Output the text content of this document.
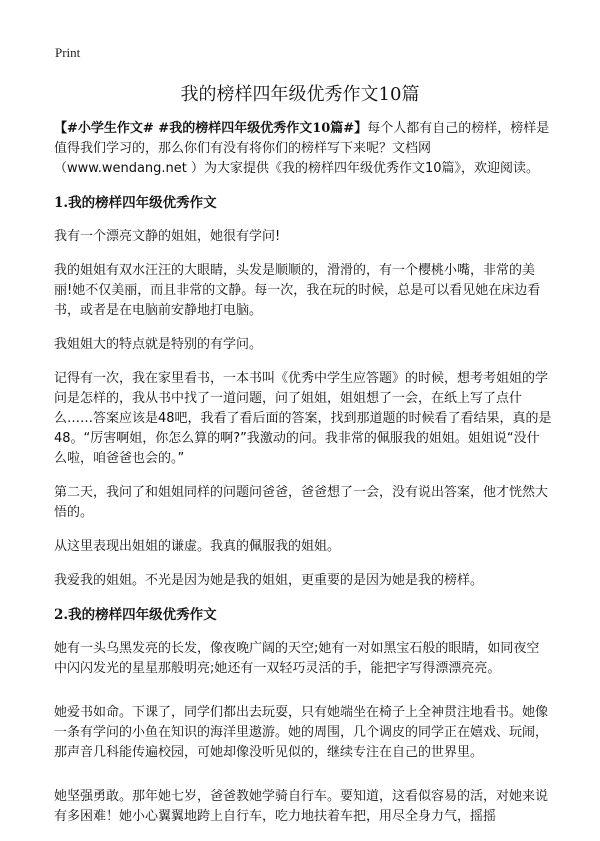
Print
我的榜样四年级优秀作文10篇

【#小学生作文# #我的榜样四年级优秀作文10篇#】每个人都有自己的榜样，榜样是值得我们学习的，那么你们有没有将你们的榜样写下来呢？文档网（www.wendang.net ）为大家提供《我的榜样四年级优秀作文10篇》，欢迎阅读。

1.我的榜样四年级优秀作文

我有一个漂亮文静的姐姐，她很有学问!

我的姐姐有双水汪汪的大眼睛，头发是顺顺的，滑滑的，有一个樱桃小嘴，非常的美丽!她不仅美丽，而且非常的文静。每一次，我在玩的时候，总是可以看见她在床边看书，或者是在电脑前安静地打电脑。

我姐姐大的特点就是特别的有学问。

记得有一次，我在家里看书，一本书叫《优秀中学生应答题》的时候，想考考姐姐的学问是怎样的，我从书中找了一道问题，问了姐姐，姐姐想了一会，在纸上写了点什么……答案应该是48吧，我看了看后面的答案，找到那道题的时候看了看结果，真的是48。“厉害啊姐，你怎么算的啊?”我激动的问。我非常的佩服我的姐姐。姐姐说“没什么啦，咱爸爸也会的。”

第二天，我问了和姐姐同样的问题问爸爸，爸爸想了一会，没有说出答案，他才恍然大悟的。

从这里表现出姐姐的谦虚。我真的佩服我的姐姐。

我爱我的姐姐。不光是因为她是我的姐姐，更重要的是因为她是我的榜样。

2.我的榜样四年级优秀作文

她有一头乌黑发亮的长发，像夜晚广阔的天空;她有一对如黑宝石般的眼睛，如同夜空中闪闪发光的星星那般明亮;她还有一双轻巧灵活的手，能把字写得漂漂亮亮。

她爱书如命。下课了，同学们都出去玩耍，只有她端坐在椅子上全神贯注地看书。她像一条有学问的小鱼在知识的海洋里遨游。她的周围，几个调皮的同学正在嬉戏、玩闹，那声音几科能传遍校园，可她却像没听见似的，继续专注在自己的世界里。

她坚强勇敢。那年她七岁，爸爸教她学骑自行车。要知道，这看似容易的活，对她来说有多困难！她小心翼翼地跨上自行车，吃力地扶着车把，用尽全身力气，摇摇
